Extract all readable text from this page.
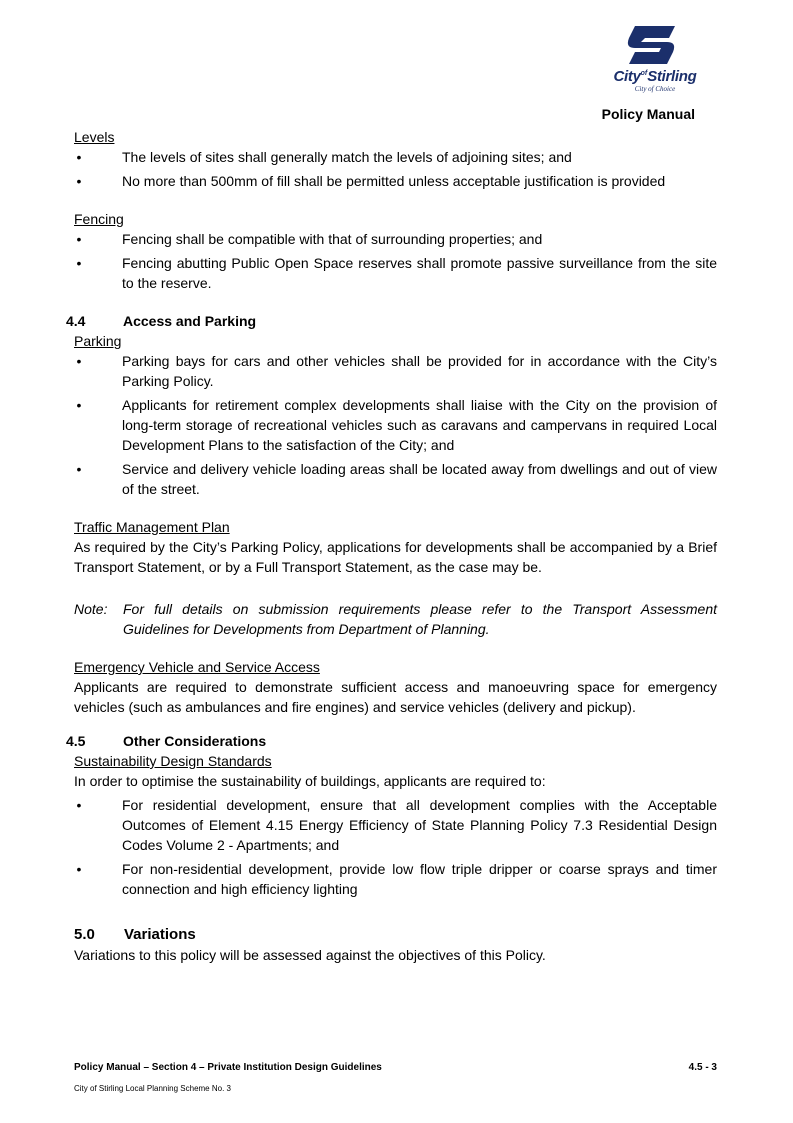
City$^{of}$Stirling
City of Choice
Policy Manual
Levels
• The levels of sites shall generally match the levels of adjoining sites; and
• No more than 500mm of fill shall be permitted unless acceptable justification is provided
Fencing
• Fencing shall be compatible with that of surrounding properties; and
• Fencing abutting Public Open Space reserves shall promote passive surveillance from the site to the reserve.
4.4	Access and Parking
Parking
• Parking bays for cars and other vehicles shall be provided for in accordance with the City’s Parking Policy.
• Applicants for retirement complex developments shall liaise with the City on the provision of long-term storage of recreational vehicles such as caravans and campervans in required Local Development Plans to the satisfaction of the City; and
• Service and delivery vehicle loading areas shall be located away from dwellings and out of view of the street.
Traffic Management Plan

As required by the City’s Parking Policy, applications for developments shall be accompanied by a Brief Transport Statement, or by a Full Transport Statement, as the case may be.

Note:	For full details on submission requirements please refer to the Transport Assessment Guidelines for Developments from Department of Planning.
Emergency Vehicle and Service Access

Applicants are required to demonstrate sufficient access and manoeuvring space for emergency vehicles (such as ambulances and fire engines) and service vehicles (delivery and pickup).

4.5	Other Considerations
Sustainability Design Standards

In order to optimise the sustainability of buildings, applicants are required to:

• For residential development, ensure that all development complies with the Acceptable Outcomes of Element 4.15 Energy Efficiency of State Planning Policy 7.3 Residential Design Codes Volume 2 - Apartments; and
• For non-residential development, provide low flow triple dripper or coarse sprays and timer connection and high efficiency lighting
5.0	Variations

Variations to this policy will be assessed against the objectives of this Policy.

Policy Manual – Section 4 – Private Institution Design Guidelines	4.5 - 3
City of Stirling Local Planning Scheme No. 3
